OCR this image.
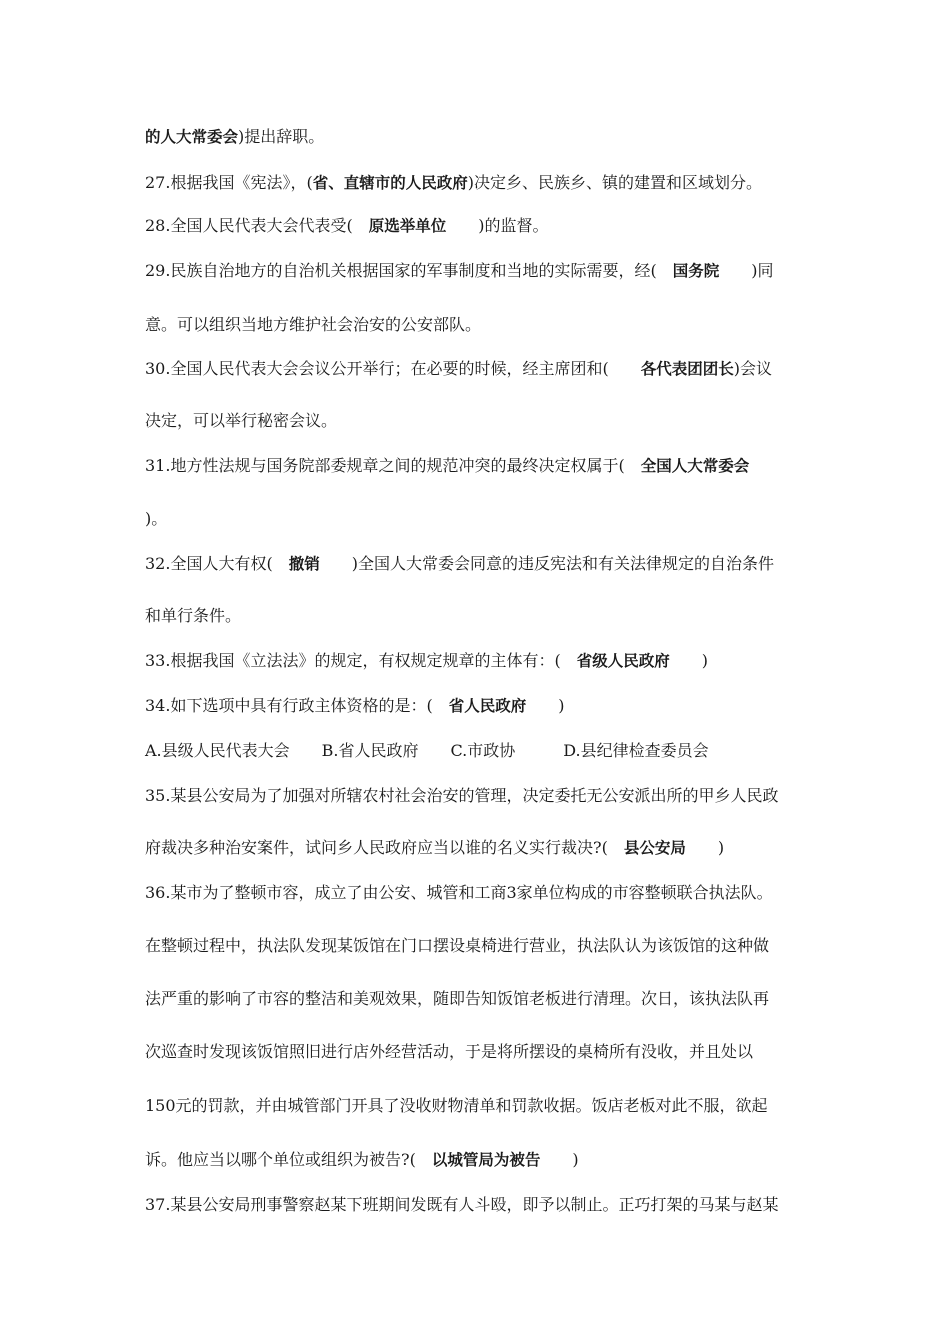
的人大常委会)提出辞职。
27.根据我国《宪法》，(省、直辖市的人民政府)决定乡、民族乡、镇的建置和区域划分。
28.全国人民代表大会代表受(　原选举单位　　)的监督。
29.民族自治地方的自治机关根据国家的军事制度和当地的实际需要，经(　国务院　　)同
意。可以组织当地方维护社会治安的公安部队。
30.全国人民代表大会会议公开举行；在必要的时候，经主席团和(　　各代表团团长)会议
决定，可以举行秘密会议。
31.地方性法规与国务院部委规章之间的规范冲突的最终决定权属于(　全国人大常委会
)。
32.全国人大有权(　撤销　　)全国人大常委会同意的违反宪法和有关法律规定的自治条件
和单行条件。
33.根据我国《立法法》的规定，有权规定规章的主体有：(　省级人民政府　　)
34.如下选项中具有行政主体资格的是：(　省人民政府　　)
A.县级人民代表大会　　B.省人民政府　　C.市政协　　　D.县纪律检查委员会
35.某县公安局为了加强对所辖农村社会治安的管理，决定委托无公安派出所的甲乡人民政
府裁决多种治安案件，试问乡人民政府应当以谁的名义实行裁决?(　县公安局　　)
36.某市为了整顿市容，成立了由公安、城管和工商3家单位构成的市容整顿联合执法队。
在整顿过程中，执法队发现某饭馆在门口摆设桌椅进行营业，执法队认为该饭馆的这种做
法严重的影响了市容的整洁和美观效果，随即告知饭馆老板进行清理。次日，该执法队再
次巡查时发现该饭馆照旧进行店外经营活动，于是将所摆设的桌椅所有没收，并且处以
150元的罚款，并由城管部门开具了没收财物清单和罚款收据。饭店老板对此不服，欲起
诉。他应当以哪个单位或组织为被告?(　以城管局为被告　　)
37.某县公安局刑事警察赵某下班期间发既有人斗殴，即予以制止。正巧打架的马某与赵某
